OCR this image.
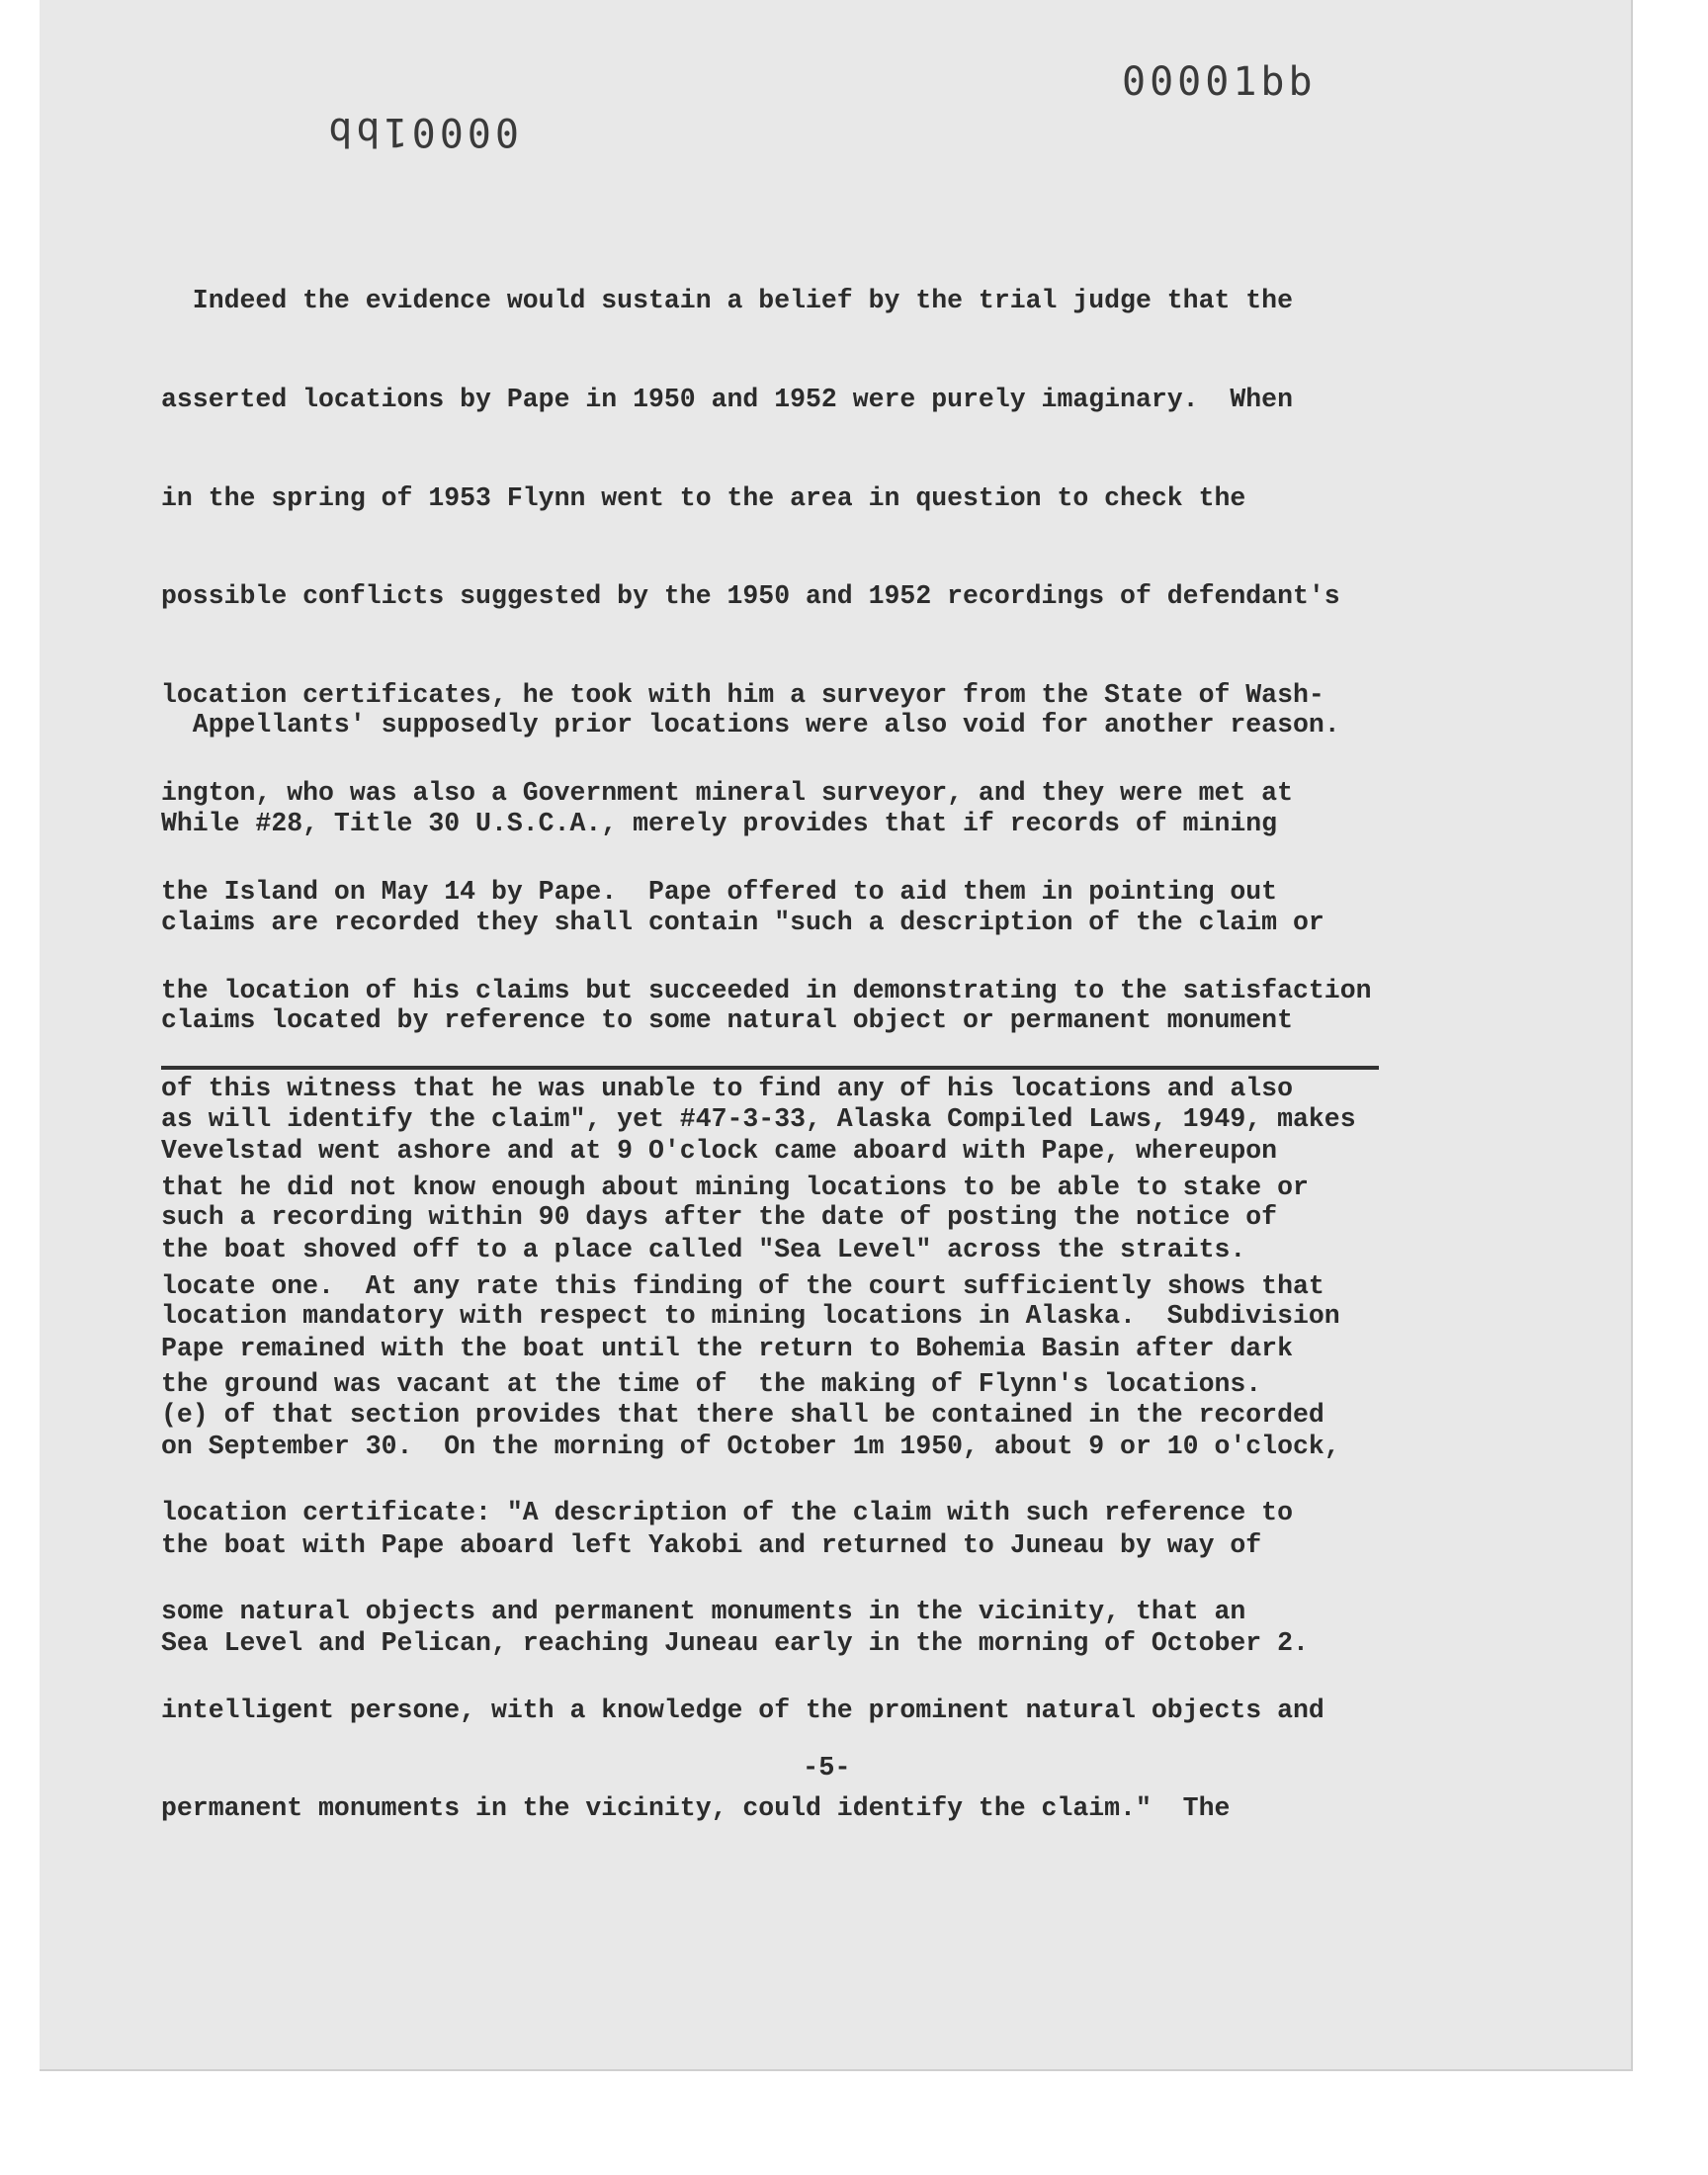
00001bb
00001bb

Indeed the evidence would sustain a belief by the trial judge that the

asserted locations by Pape in 1950 and 1952 were purely imaginary.  When

in the spring of 1953 Flynn went to the area in question to check the

possible conflicts suggested by the 1950 and 1952 recordings of defendant's

location certificates, he took with him a surveyor from the State of Wash-

ington, who was also a Government mineral surveyor, and they were met at

the Island on May 14 by Pape.  Pape offered to aid them in pointing out

the location of his claims but succeeded in demonstrating to the satisfaction

of this witness that he was unable to find any of his locations and also

that he did not know enough about mining locations to be able to stake or

locate one.  At any rate this finding of the court sufficiently shows that

the ground was vacant at the time of  the making of Flynn's locations.

Appellants' supposedly prior locations were also void for another reason.

While #28, Title 30 U.S.C.A., merely provides that if records of mining

claims are recorded they shall contain "such a description of the claim or

claims located by reference to some natural object or permanent monument

as will identify the claim", yet #47-3-33, Alaska Compiled Laws, 1949, makes

such a recording within 90 days after the date of posting the notice of

location mandatory with respect to mining locations in Alaska.  Subdivision

(e) of that section provides that there shall be contained in the recorded

location certificate: "A description of the claim with such reference to

some natural objects and permanent monuments in the vicinity, that an

intelligent persone, with a knowledge of the prominent natural objects and

permanent monuments in the vicinity, could identify the claim."  The

Vevelstad went ashore and at 9 O'clock came aboard with Pape, whereupon

the boat shoved off to a place called "Sea Level" across the straits.

Pape remained with the boat until the return to Bohemia Basin after dark

on September 30.  On the morning of October 1m 1950, about 9 or 10 o'clock,

the boat with Pape aboard left Yakobi and returned to Juneau by way of

Sea Level and Pelican, reaching Juneau early in the morning of October 2.

-5-
